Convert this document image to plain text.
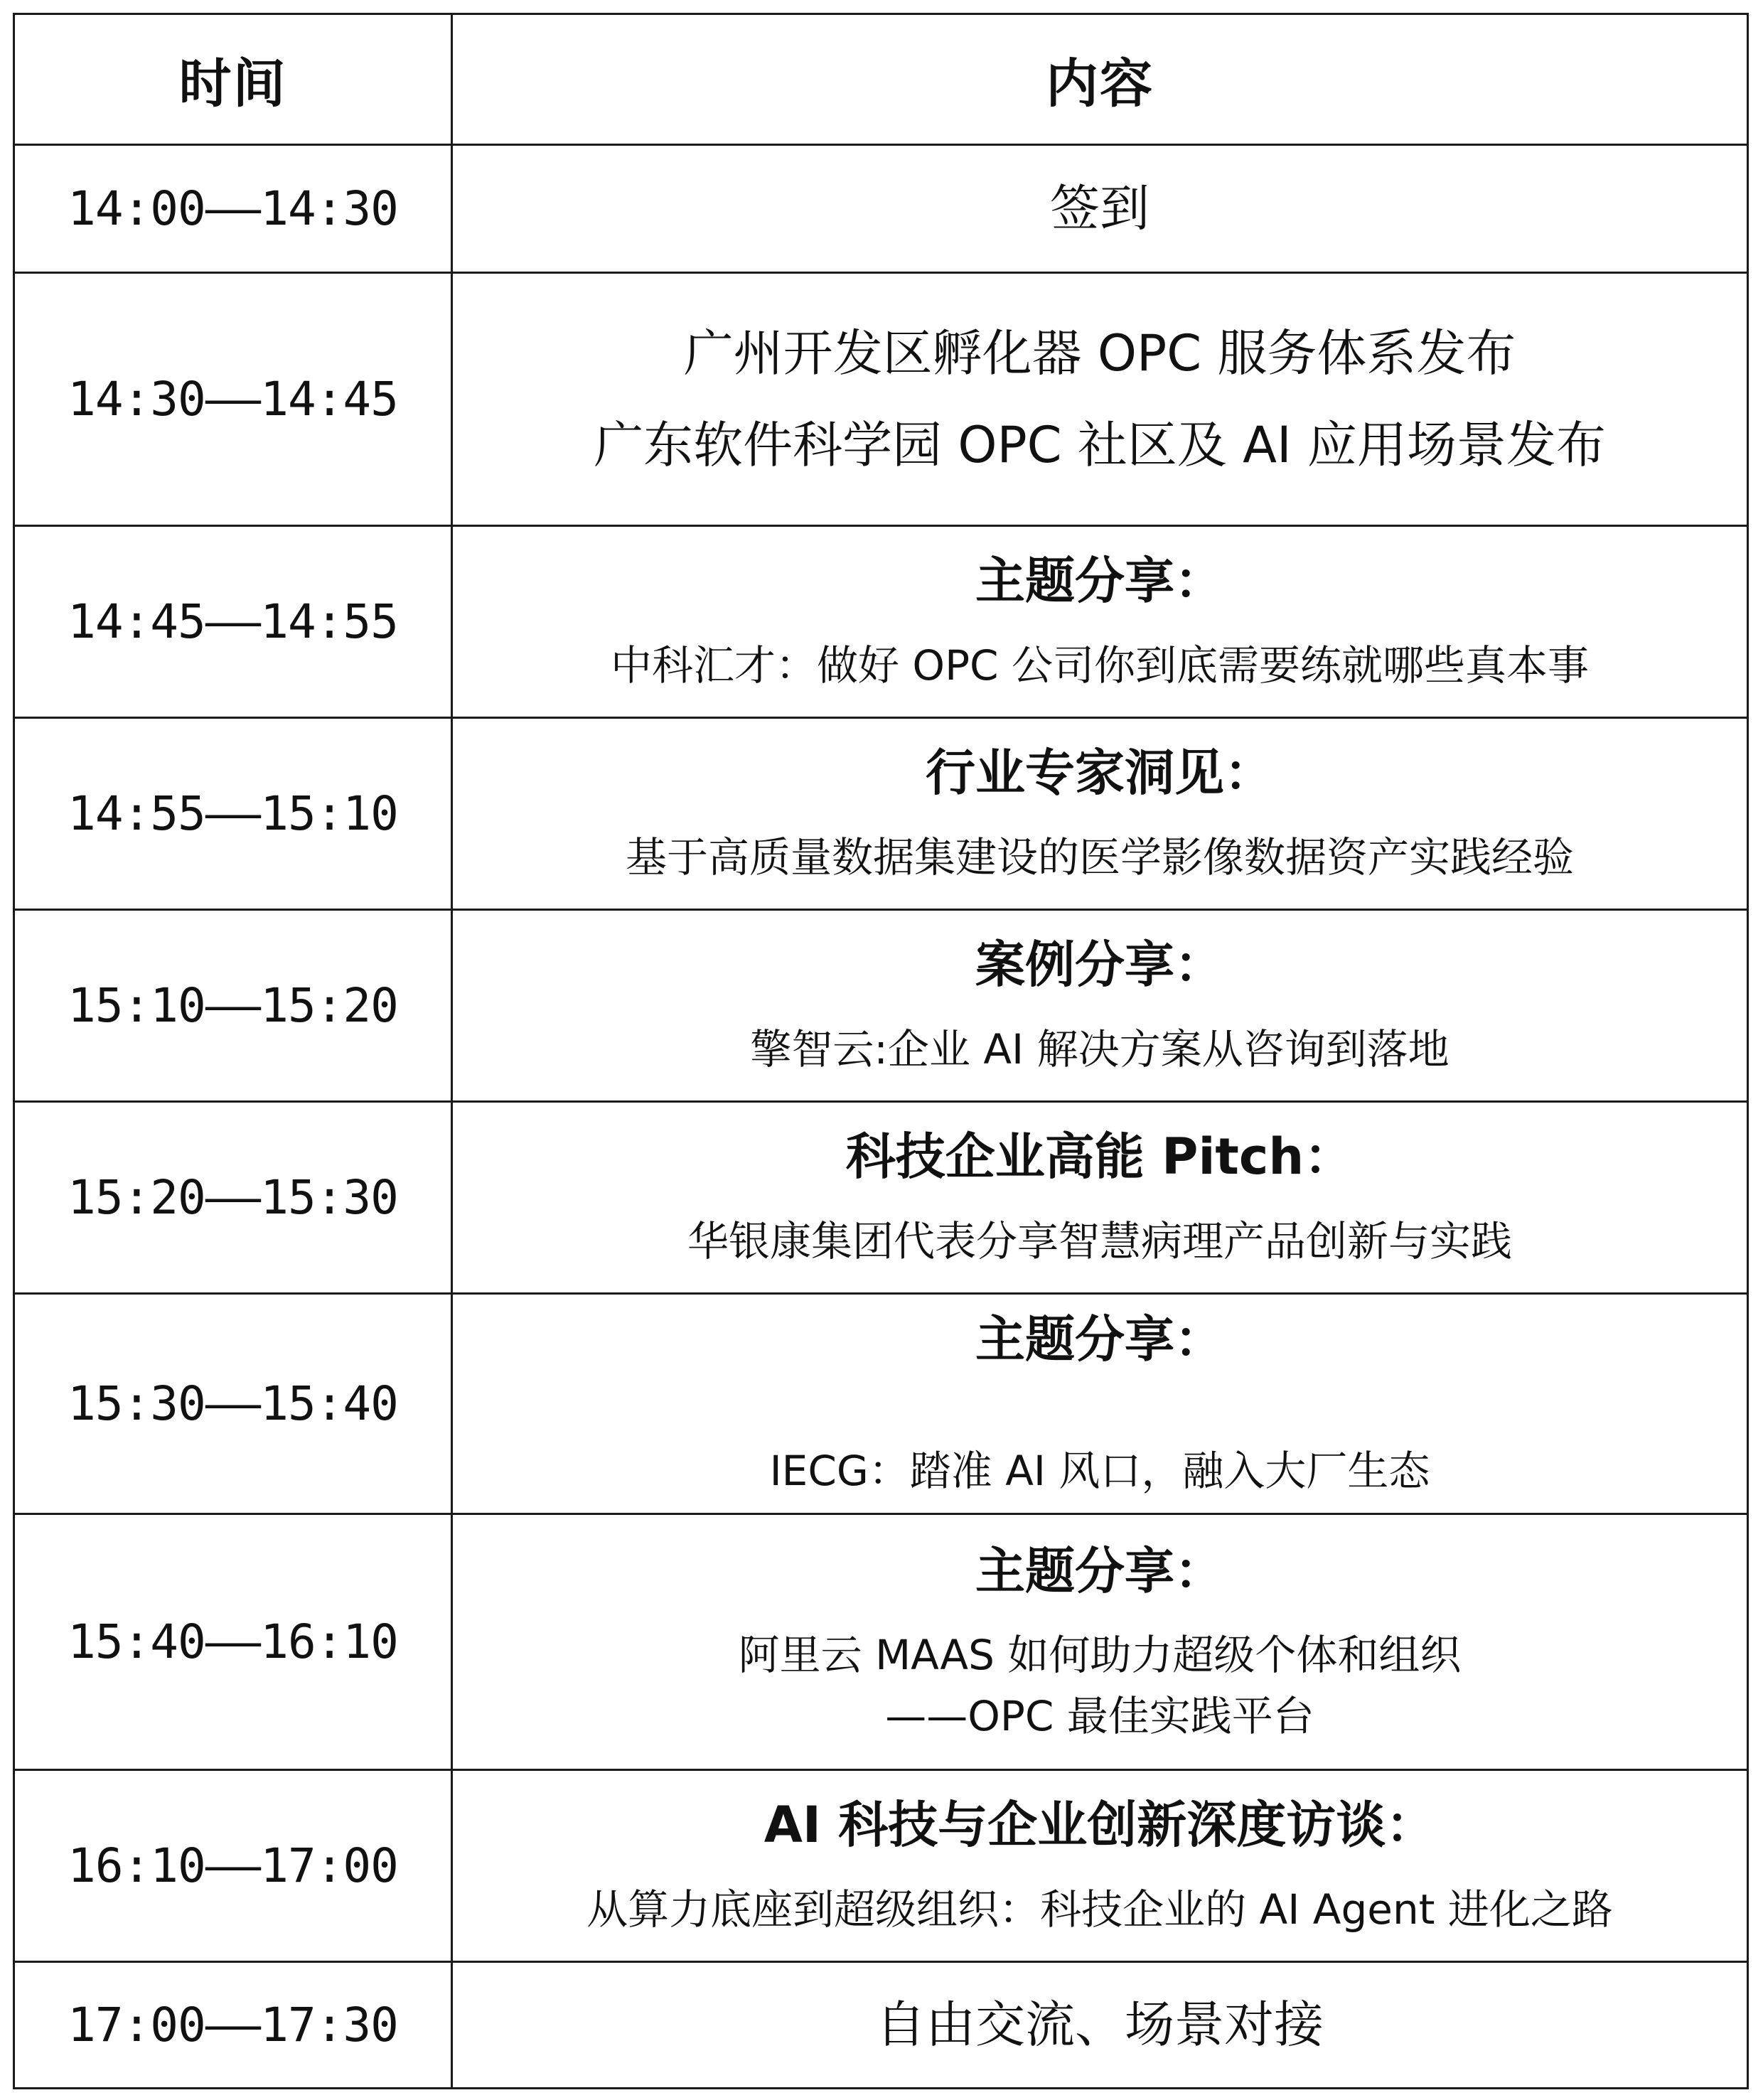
时间	内容
14:00——14:30	签到

14:30——14:45	广州开发区孵化器 OPC 服务体系发布
广东软件科学园 OPC 社区及 AI 应用场景发布

14:45——14:55	主题分享：
中科汇才：做好 OPC 公司你到底需要练就哪些真本事

14:55——15:10	行业专家洞见：
基于高质量数据集建设的医学影像数据资产实践经验

15:10——15:20	案例分享：
擎智云:企业 AI 解决方案从咨询到落地

15:20——15:30	科技企业高能 Pitch：
华银康集团代表分享智慧病理产品创新与实践

15:30——15:40	主题分享：
IECG：踏准 AI 风口，融入大厂生态

15:40——16:10	主题分享：
阿里云 MAAS 如何助力超级个体和组织
——OPC 最佳实践平台

16:10——17:00	AI 科技与企业创新深度访谈：
从算力底座到超级组织：科技企业的 AI Agent 进化之路

17:00——17:30	自由交流、场景对接
